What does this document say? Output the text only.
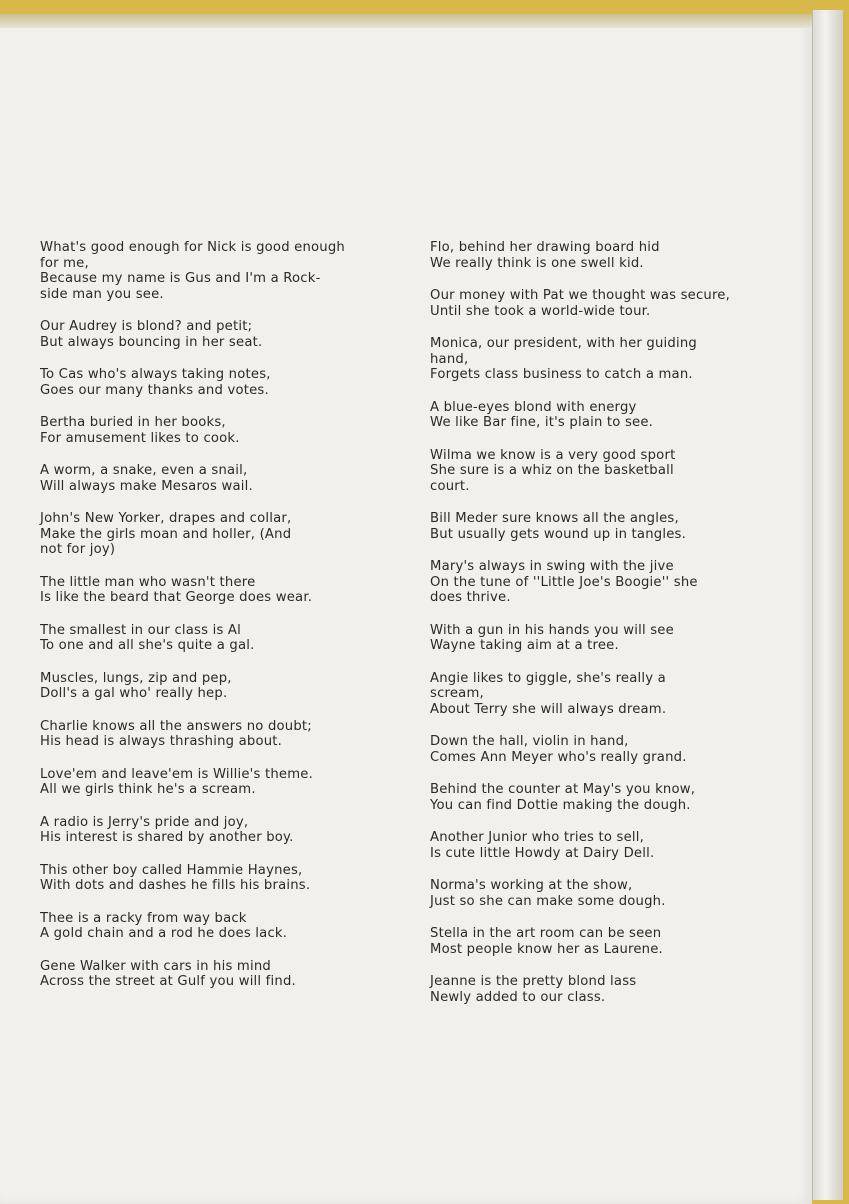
What's good enough for Nick is good enough
for me,
Because my name is Gus and I'm a Rock-
side man you see.
Our Audrey is blond? and petit;
But always bouncing in her seat.
To Cas who's always taking notes,
Goes our many thanks and votes.
Bertha buried in her books,
For amusement likes to cook.
A worm, a snake, even a snail,
Will always make Mesaros wail.
John's New Yorker, drapes and collar,
Make the girls moan and holler, (And
not for joy)
The little man who wasn't there
Is like the beard that George does wear.
The smallest in our class is Al
To one and all she's quite a gal.
Muscles, lungs, zip and pep,
Doll's a gal who' really hep.
Charlie knows all the answers no doubt;
His head is always thrashing about.
Love'em and leave'em is Willie's theme.
All we girls think he's a scream.
A radio is Jerry's pride and joy,
His interest is shared by another boy.
This other boy called Hammie Haynes,
With dots and dashes he fills his brains.
Thee is a racky from way back
A gold chain and a rod he does lack.
Gene Walker with cars in his mind
Across the street at Gulf you will find.
Flo, behind her drawing board hid
We really think is one swell kid.
Our money with Pat we thought was secure,
Until she took a world-wide tour.
Monica, our president, with her guiding
hand,
Forgets class business to catch a man.
A blue-eyes blond with energy
We like Bar fine, it's plain to see.
Wilma we know is a very good sport
She sure is a whiz on the basketball
court.
Bill Meder sure knows all the angles,
But usually gets wound up in tangles.
Mary's always in swing with the jive
On the tune of ''Little Joe's Boogie'' she
does thrive.
With a gun in his hands you will see
Wayne taking aim at a tree.
Angie likes to giggle, she's really a
scream,
About Terry she will always dream.
Down the hall, violin in hand,
Comes Ann Meyer who's really grand.
Behind the counter at May's you know,
You can find Dottie making the dough.
Another Junior who tries to sell,
Is cute little Howdy at Dairy Dell.
Norma's working at the show,
Just so she can make some dough.
Stella in the art room can be seen
Most people know her as Laurene.
Jeanne is the pretty blond lass
Newly added to our class.
